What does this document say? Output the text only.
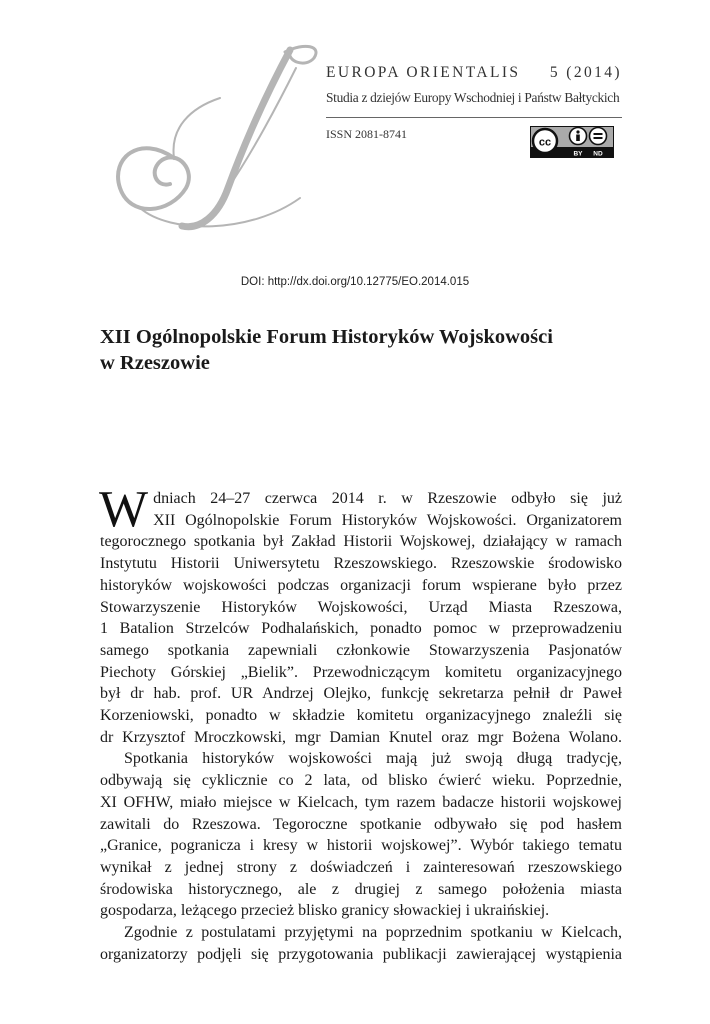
EUROPA ORIENTALIS 5 (2014)
Studia z dziejów Europy Wschodniej i Państw Bałtyckich
ISSN 2081-8741
cc
BY ND
DOI: http://dx.doi.org/10.12775/EO.2014.015
XII Ogólnopolskie Forum Historyków Wojskowości
w Rzeszowie

W dniach 24–27 czerwca 2014 r. w Rzeszowie odbyło się już
XII Ogólnopolskie Forum Historyków Wojskowości. Organizatorem
tegorocznego spotkania był Zakład Historii Wojskowej, działający w ramach
Instytutu Historii Uniwersytetu Rzeszowskiego. Rzeszowskie środowisko
historyków wojskowości podczas organizacji forum wspierane było przez
Stowarzyszenie Historyków Wojskowości, Urząd Miasta Rzeszowa,
1 Batalion Strzelców Podhalańskich, ponadto pomoc w przeprowadzeniu
samego spotkania zapewniali członkowie Stowarzyszenia Pasjonatów
Piechoty Górskiej „Bielik”. Przewodniczącym komitetu organizacyjnego
był dr hab. prof. UR Andrzej Olejko, funkcję sekretarza pełnił dr Paweł
Korzeniowski, ponadto w składzie komitetu organizacyjnego znaleźli się
dr Krzysztof Mroczkowski, mgr Damian Knutel oraz mgr Bożena Wolano.

Spotkania historyków wojskowości mają już swoją długą tradycję,
odbywają się cyklicznie co 2 lata, od blisko ćwierć wieku. Poprzednie,
XI OFHW, miało miejsce w Kielcach, tym razem badacze historii wojskowej
zawitali do Rzeszowa. Tegoroczne spotkanie odbywało się pod hasłem
„Granice, pogranicza i kresy w historii wojskowej”. Wybór takiego tematu
wynikał z jednej strony z doświadczeń i zainteresowań rzeszowskiego
środowiska historycznego, ale z drugiej z samego położenia miasta
gospodarza, leżącego przecież blisko granicy słowackiej i ukraińskiej.

Zgodnie z postulatami przyjętymi na poprzednim spotkaniu w Kielcach,
organizatorzy podjęli się przygotowania publikacji zawierającej wystąpienia
